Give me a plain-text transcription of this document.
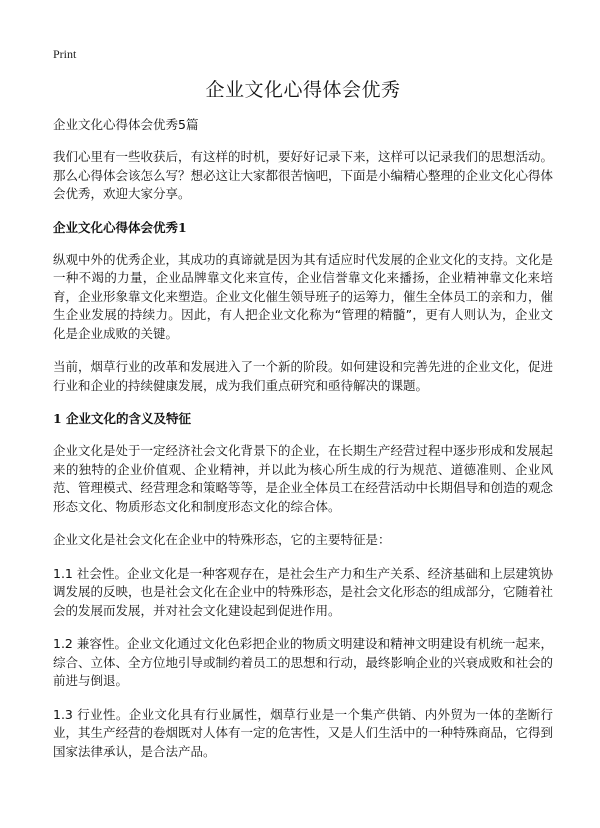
Print
企业文化心得体会优秀
企业文化心得体会优秀5篇

我们心里有一些收获后，有这样的时机，要好好记录下来，这样可以记录我们的思想活动。那么心得体会该怎么写？想必这让大家都很苦恼吧，下面是小编精心整理的企业文化心得体会优秀，欢迎大家分享。

企业文化心得体会优秀1

纵观中外的优秀企业，其成功的真谛就是因为其有适应时代发展的企业文化的支持。文化是一种不竭的力量，企业品牌靠文化来宣传，企业信誉靠文化来播扬，企业精神靠文化来培育，企业形象靠文化来塑造。企业文化催生领导班子的运筹力，催生全体员工的亲和力，催生企业发展的持续力。因此，有人把企业文化称为“管理的精髓”，更有人则认为，企业文化是企业成败的关键。

当前，烟草行业的改革和发展进入了一个新的阶段。如何建设和完善先进的企业文化，促进行业和企业的持续健康发展，成为我们重点研究和亟待解决的课题。

1 企业文化的含义及特征

企业文化是处于一定经济社会文化背景下的企业，在长期生产经营过程中逐步形成和发展起来的独特的企业价值观、企业精神，并以此为核心所生成的行为规范、道德准则、企业风范、管理模式、经营理念和策略等等，是企业全体员工在经营活动中长期倡导和创造的观念形态文化、物质形态文化和制度形态文化的综合体。

企业文化是社会文化在企业中的特殊形态，它的主要特征是：

1.1 社会性。企业文化是一种客观存在，是社会生产力和生产关系、经济基础和上层建筑协调发展的反映，也是社会文化在企业中的特殊形态，是社会文化形态的组成部分，它随着社会的发展而发展，并对社会文化建设起到促进作用。

1.2 兼容性。企业文化通过文化色彩把企业的物质文明建设和精神文明建设有机统一起来，综合、立体、全方位地引导或制约着员工的思想和行动，最终影响企业的兴衰成败和社会的前进与倒退。

1.3 行业性。企业文化具有行业属性，烟草行业是一个集产供销、内外贸为一体的垄断行业，其生产经营的卷烟既对人体有一定的危害性，又是人们生活中的一种特殊商品，它得到国家法律承认，是合法产品。
